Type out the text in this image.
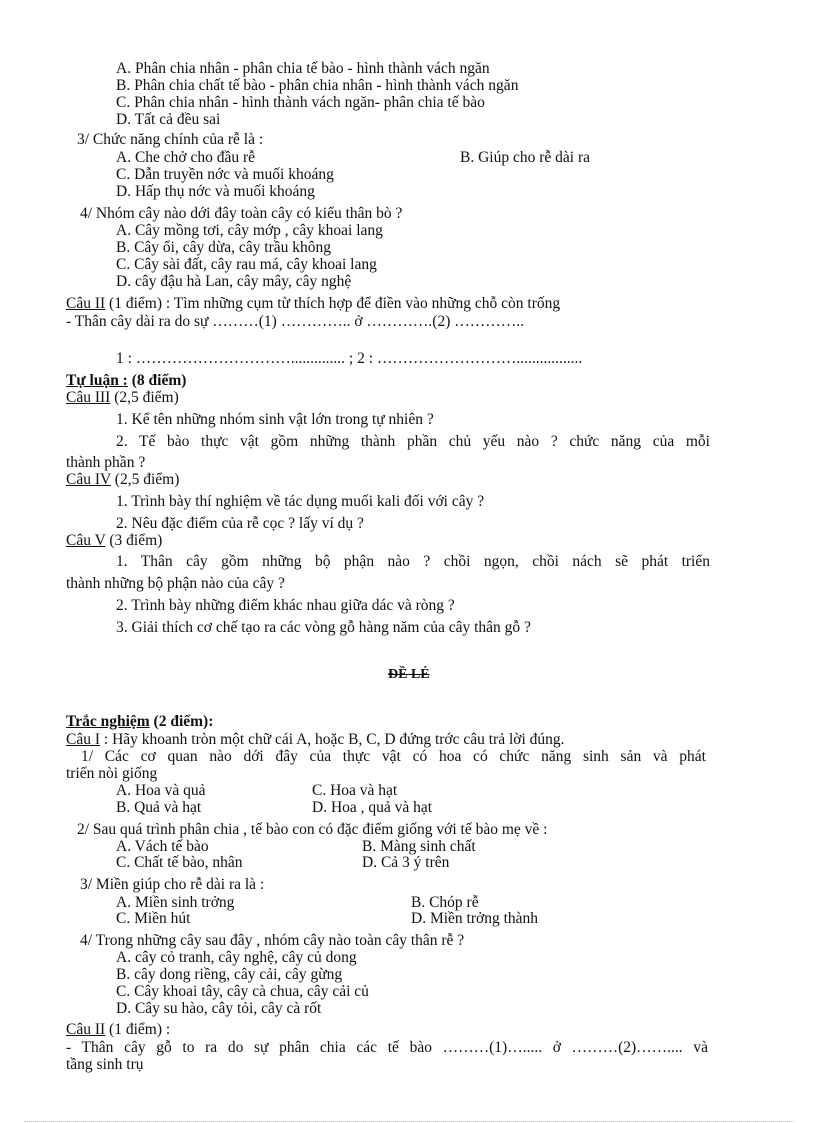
A. Phân chia nhân - phân chia tế bào - hình thành vách ngăn
B. Phân chia chất tế bào - phân chia nhân - hình thành vách ngăn
C. Phân chia nhân - hình thành vách ngăn- phân chia tế bào
D. Tất cả đều sai
3/ Chức năng chính của rễ là :
A. Che chở cho đầu rễ	B. Giúp cho rễ dài ra
C. Dẫn truyền nớc và muối khoáng
D. Hấp thụ nớc và muối khoáng
4/ Nhóm cây nào dới đây toàn cây có kiểu thân bò ?
A. Cây mồng tơi, cây mớp , cây khoai lang
B. Cây ổi, cây dừa, cây trầu không
C. Cây sài đất, cây rau má, cây khoai lang
D. cây đậu hà Lan, cây mây, cây nghệ
Câu II (1 điểm) : Tìm những cụm từ thích hợp để điền vào những chỗ còn trống
- Thân cây dài ra do sự ………(1) ………….. ở ………….(2) …………..
1 : ………………………….............. ; 2 : ……………………….................
Tự luận : (8 điểm)
Câu III (2,5 điểm)
1. Kể tên những nhóm sinh vật lớn trong tự nhiên ?
2. Tế bào thực vật gồm những thành phần chủ yếu nào ? chức năng của mỗi
thành phần ?
Câu IV (2,5 điểm)
1. Trình bày thí nghiệm về tác dụng muối kali đối với cây ?
2. Nêu đặc điểm của rễ cọc ? lấy ví dụ ?
Câu V (3 điểm)
1. Thân cây gồm những bộ phận nào ? chồi ngọn, chồi nách sẽ phát triển
thành những bộ phận nào của cây ?
2. Trình bày những điểm khác nhau giữa dác và ròng ?
3. Giải thích cơ chế tạo ra các vòng gỗ hàng năm của cây thân gỗ ?
ĐỀ LẺ
Trắc nghiệm (2 điểm):
Câu I : Hãy khoanh tròn một chữ cái A, hoặc B, C, D đứng trớc câu trả lời đúng.
1/ Các cơ quan nào dới đây của thực vật có hoa có chức năng sinh sản và phát
triển nòi giống
A. Hoa và quả	C. Hoa và hạt
B. Quả và hạt	D. Hoa , quả và hạt
2/ Sau quá trình phân chia , tế bào con có đặc điểm giống với tế bào mẹ về :
A. Vách tế bào	B. Màng sinh chất
C. Chất tế bào, nhân	D. Cả 3 ý trên
3/ Miền giúp cho rễ dài ra là :
A. Miền sinh trởng	B. Chóp rễ
C. Miền hút	D. Miền trởng thành
4/ Trong những cây sau đây , nhóm cây nào toàn cây thân rễ ?
A. cây cỏ tranh, cây nghệ, cây củ dong
B. cây dong riềng, cây cải, cây gừng
C. Cây khoai tây, cây cà chua, cây cải củ
D. Cây su hào, cây tỏi, cây cà rốt
Câu II (1 điểm) :
- Thân cây gỗ to ra do sự phân chia các tế bào ………(1)…..... ở ………(2)…….... và
tầng sinh trụ
